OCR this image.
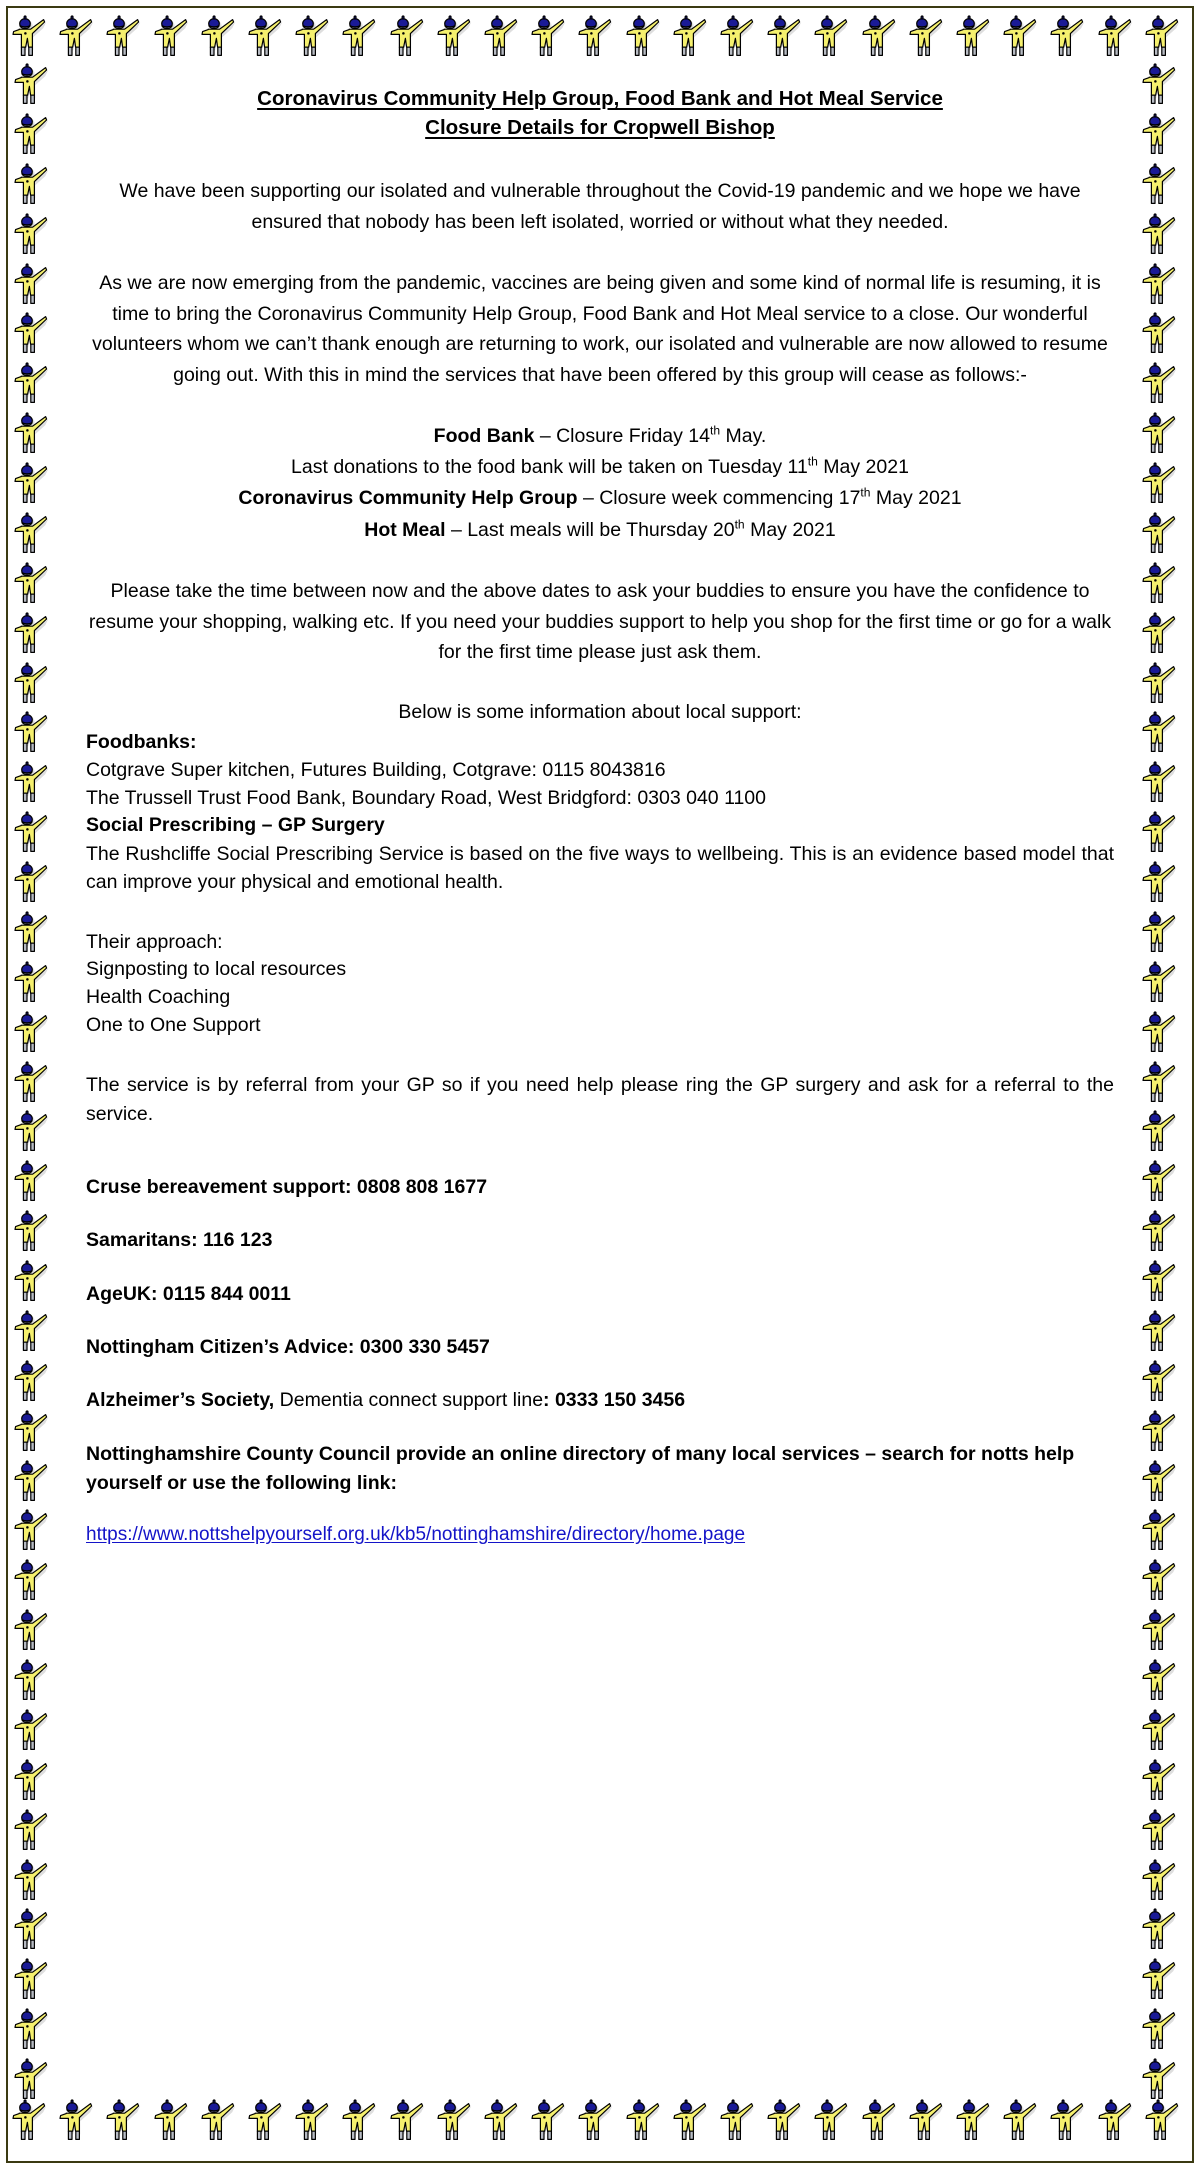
Coronavirus Community Help Group, Food Bank and Hot Meal Service
Closure Details for Cropwell Bishop

We have been supporting our isolated and vulnerable throughout the Covid-19 pandemic and we hope we have ensured that nobody has been left isolated, worried or without what they needed.

As we are now emerging from the pandemic, vaccines are being given and some kind of normal life is resuming, it is time to bring the Coronavirus Community Help Group, Food Bank and Hot Meal service to a close. Our wonderful volunteers whom we can’t thank enough are returning to work, our isolated and vulnerable are now allowed to resume going out. With this in mind the services that have been offered by this group will cease as follows:-

Food Bank – Closure Friday 14th May.
Last donations to the food bank will be taken on Tuesday 11th May 2021
Coronavirus Community Help Group – Closure week commencing 17th May 2021
Hot Meal – Last meals will be Thursday 20th May 2021

Please take the time between now and the above dates to ask your buddies to ensure you have the confidence to resume your shopping, walking etc. If you need your buddies support to help you shop for the first time or go for a walk for the first time please just ask them.

Below is some information about local support:
Foodbanks:
Cotgrave Super kitchen, Futures Building, Cotgrave: 0115 8043816
The Trussell Trust Food Bank, Boundary Road, West Bridgford: 0303 040 1100
Social Prescribing – GP Surgery

The Rushcliffe Social Prescribing Service is based on the five ways to wellbeing. This is an evidence based model that can improve your physical and emotional health.

Their approach:
Signposting to local resources
Health Coaching
One to One Support

The service is by referral from your GP so if you need help please ring the GP surgery and ask for a referral to the service.

Cruse bereavement support: 0808 808 1677
Samaritans: 116 123
AgeUK: 0115 844 0011
Nottingham Citizen’s Advice: 0300 330 5457
Alzheimer’s Society, Dementia connect support line: 0333 150 3456
Nottinghamshire County Council provide an online directory of many local services – search for notts help yourself or use the following link:
https://www.nottshelpyourself.org.uk/kb5/nottinghamshire/directory/home.page
